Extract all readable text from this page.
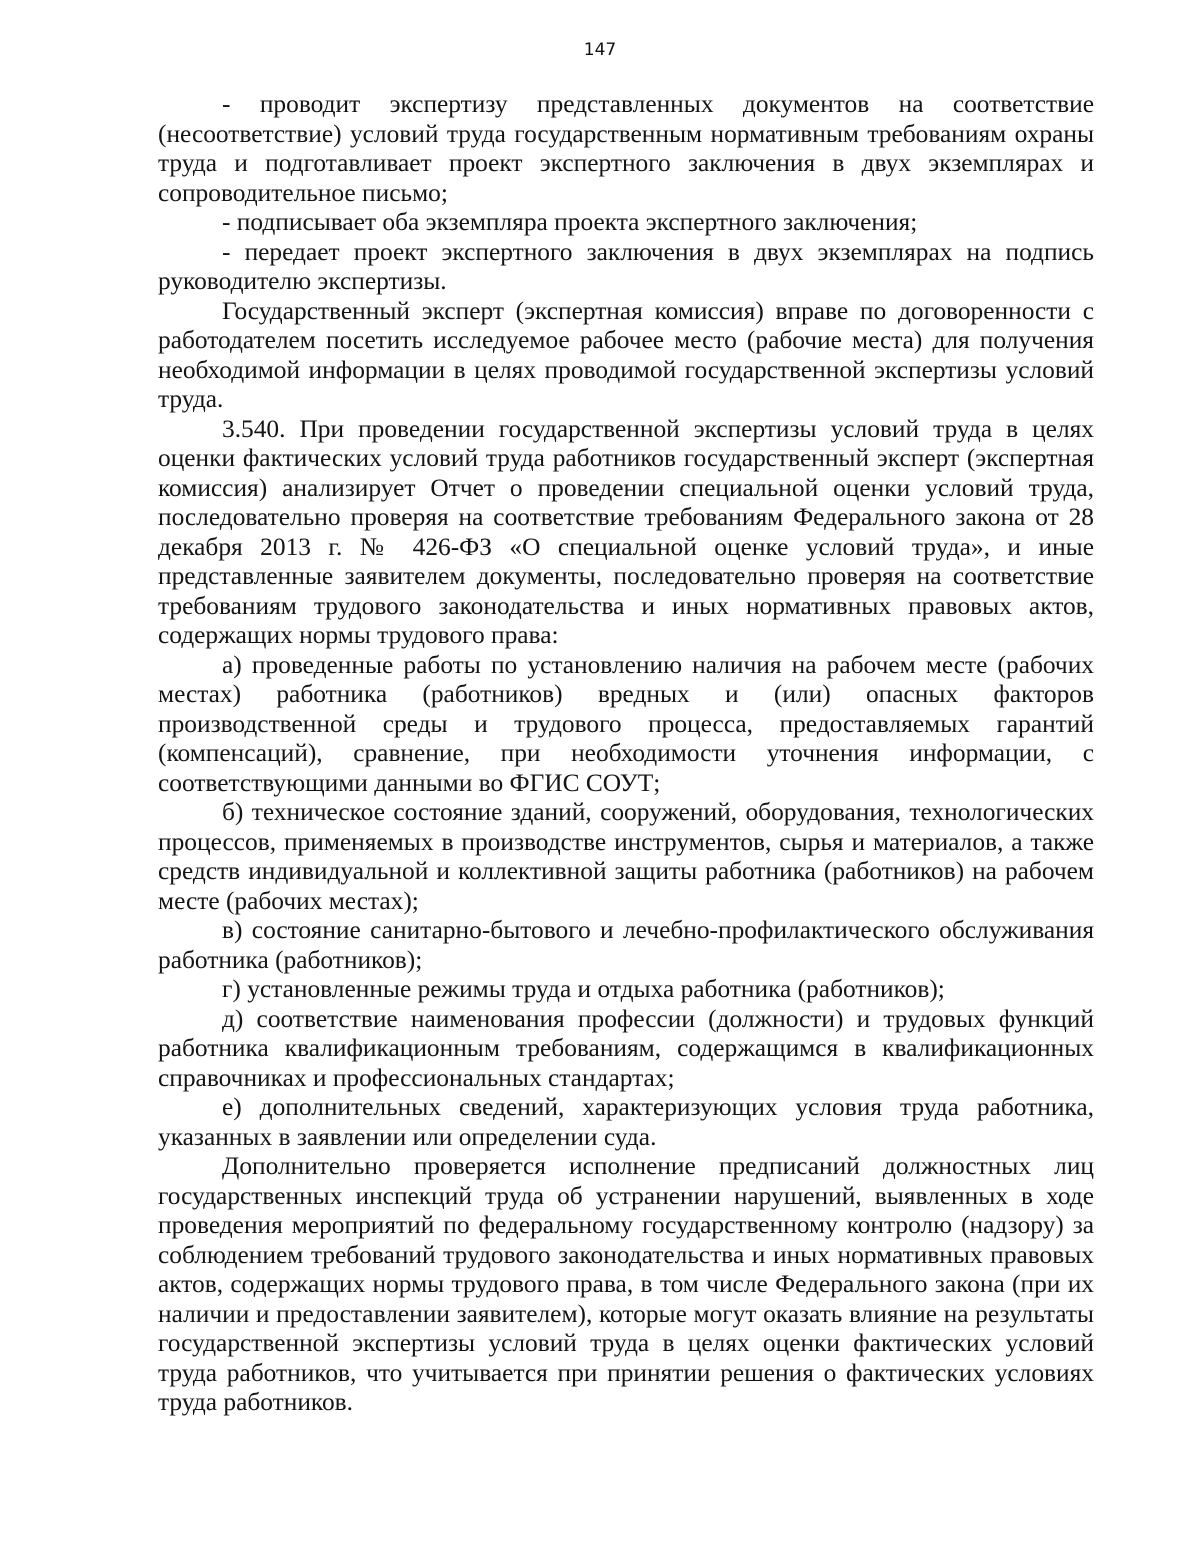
147

- проводит экспертизу представленных документов на соответствие (несоответствие) условий труда государственным нормативным требованиям охраны труда и подготавливает проект экспертного заключения в двух экземплярах и сопроводительное письмо;

- подписывает оба экземпляра проекта экспертного заключения;

- передает проект экспертного заключения в двух экземплярах на подпись руководителю экспертизы.

Государственный эксперт (экспертная комиссия) вправе по договоренности с работодателем посетить исследуемое рабочее место (рабочие места) для получения необходимой информации в целях проводимой государственной экспертизы условий труда.

3.540. При проведении государственной экспертизы условий труда в целях оценки фактических условий труда работников государственный эксперт (экспертная комиссия) анализирует Отчет о проведении специальной оценки условий труда, последовательно проверяя на соответствие требованиям Федерального закона от 28 декабря 2013 г. № 426-ФЗ «О специальной оценке условий труда», и иные представленные заявителем документы, последовательно проверяя на соответствие требованиям трудового законодательства и иных нормативных правовых актов, содержащих нормы трудового права:

а) проведенные работы по установлению наличия на рабочем месте (рабочих местах) работника (работников) вредных и (или) опасных факторов производственной среды и трудового процесса, предоставляемых гарантий (компенсаций), сравнение, при необходимости уточнения информации, с соответствующими данными во ФГИС СОУТ;

б) техническое состояние зданий, сооружений, оборудования, технологических процессов, применяемых в производстве инструментов, сырья и материалов, а также средств индивидуальной и коллективной защиты работника (работников) на рабочем месте (рабочих местах);

в) состояние санитарно-бытового и лечебно-профилактического обслуживания работника (работников);

г) установленные режимы труда и отдыха работника (работников);

д) соответствие наименования профессии (должности) и трудовых функций работника квалификационным требованиям, содержащимся в квалификационных справочниках и профессиональных стандартах;

е) дополнительных сведений, характеризующих условия труда работника, указанных в заявлении или определении суда.

Дополнительно проверяется исполнение предписаний должностных лиц государственных инспекций труда об устранении нарушений, выявленных в ходе проведения мероприятий по федеральному государственному контролю (надзору) за соблюдением требований трудового законодательства и иных нормативных правовых актов, содержащих нормы трудового права, в том числе Федерального закона (при их наличии и предоставлении заявителем), которые могут оказать влияние на результаты государственной экспертизы условий труда в целях оценки фактических условий труда работников, что учитывается при принятии решения о фактических условиях труда работников.
